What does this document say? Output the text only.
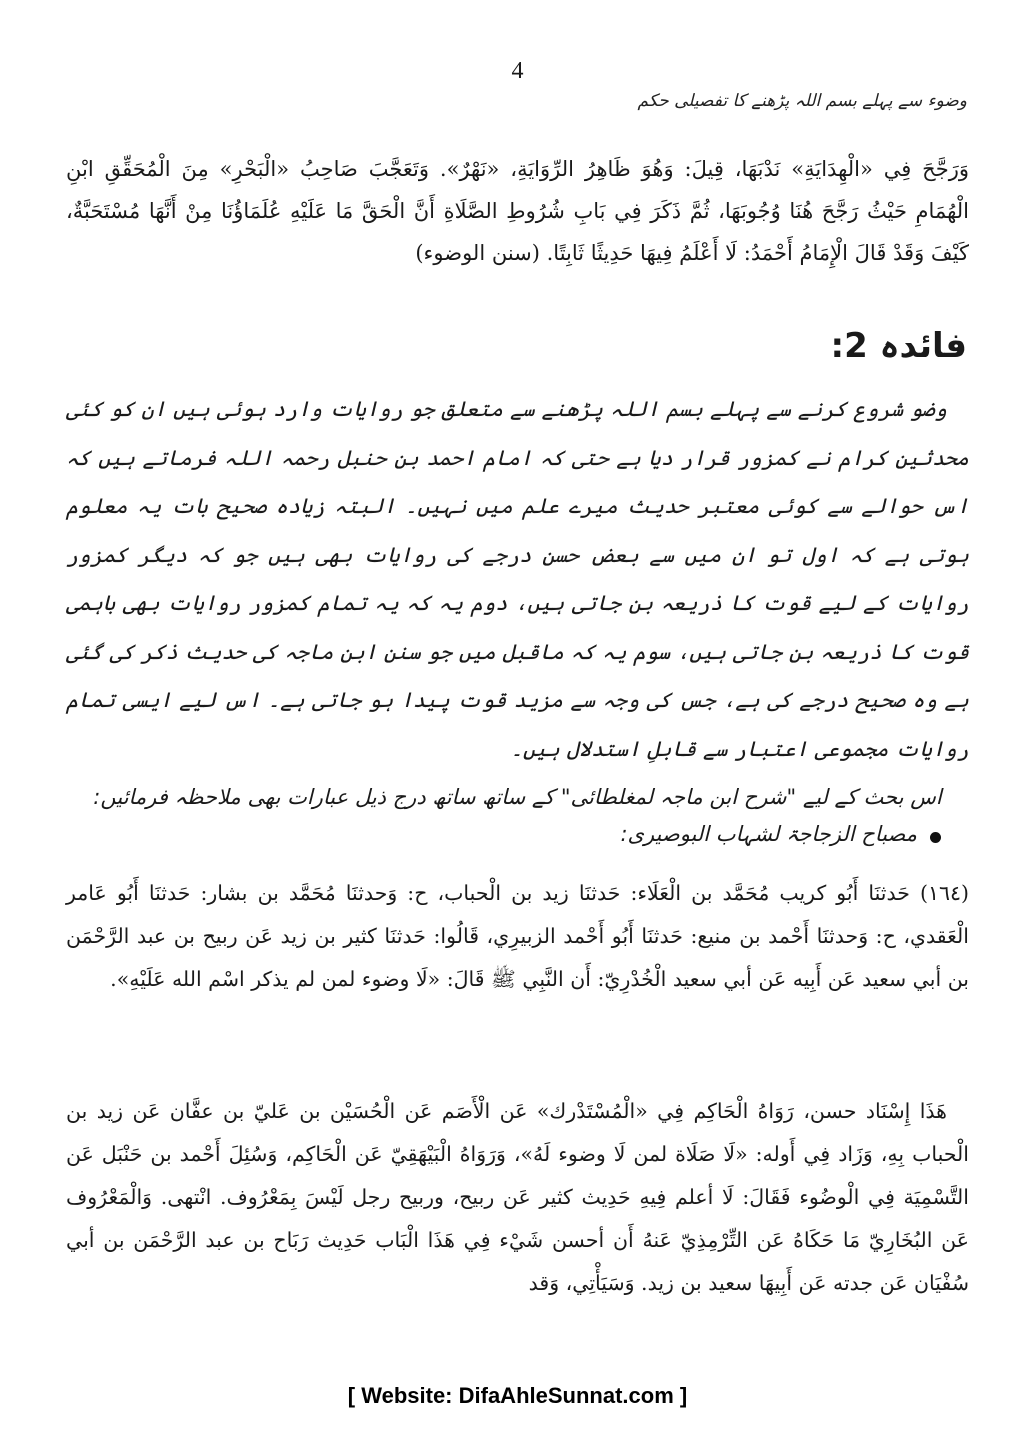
4
وضوء سے پہلے بسم اللہ پڑھنے کا تفصیلی حکم

وَرَجَّحَ فِي «الْهِدَايَةِ» نَدْبَهَا، قِيلَ: وَهُوَ ظَاهِرُ الرِّوَايَةِ، «نَهْرٌ». وَتَعَجَّبَ صَاحِبُ «الْبَحْرِ» مِنَ الْمُحَقِّقِ ابْنِ الْهُمَامِ حَيْثُ رَجَّحَ هُنَا وُجُوبَهَا، ثُمَّ ذَكَرَ فِي بَابِ شُرُوطِ الصَّلَاةِ أَنَّ الْحَقَّ مَا عَلَيْهِ عُلَمَاؤُنَا مِنْ أَنَّهَا مُسْتَحَبَّةٌ، كَيْفَ وَقَدْ قَالَ الْإِمَامُ أَحْمَدُ: لَا أَعْلَمُ فِيهَا حَدِيثًا ثَابِتًا. (سنن الوضوء)

فائدہ 2:

وضو شروع کرنے سے پہلے بسم اللہ پڑھنے سے متعلق جو روایات وارد ہوئی ہیں ان کو کئی محدثین کرام نے کمزور قرار دیا ہے حتی کہ امام احمد بن حنبل رحمہ اللہ فرماتے ہیں کہ اس حوالے سے کوئی معتبر حدیث میرے علم میں نہیں۔ البتہ زیادہ صحیح بات یہ معلوم ہوتی ہے کہ اول تو ان میں سے بعض حسن درجے کی روایات بھی ہیں جو کہ دیگر کمزور روایات کے لیے قوت کا ذریعہ بن جاتی ہیں، دوم یہ کہ یہ تمام کمزور روایات بھی باہمی قوت کا ذریعہ بن جاتی ہیں، سوم یہ کہ ماقبل میں جو سنن ابن ماجہ کی حدیث ذکر کی گئی ہے وہ صحیح درجے کی ہے، جس کی وجہ سے مزید قوت پیدا ہو جاتی ہے۔ اس لیے ایسی تمام روایات مجموعی اعتبار سے قابلِ استدلال ہیں۔

اس بحث کے لیے "شرح ابن ماجہ لمغلطائی" کے ساتھ ساتھ درج ذیل عبارات بھی ملاحظہ فرمائیں:

مصباح الزجاجۃ لشہاب البوصیری:

(١٦٤) حَدثنَا أَبُو كريب مُحَمَّد بن الْعَلَاء: حَدثنَا زيد بن الْحباب، ح: وَحدثنَا مُحَمَّد بن بشار: حَدثنَا أَبُو عَامر الْعَقدي، ح: وَحدثنَا أَحْمد بن منيع: حَدثنَا أَبُو أَحْمد الزبيرِي، قَالُوا: حَدثنَا كثير بن زيد عَن ربيح بن عبد الرَّحْمَن بن أبي سعيد عَن أَبِيه عَن أبي سعيد الْخُدْرِيّ: أَن النَّبِي ﷺ قَالَ: «لَا وضوء لمن لم يذكر اسْم الله عَلَيْهِ».

هَذَا إِسْنَاد حسن، رَوَاهُ الْحَاكِم فِي «الْمُسْتَدْرك» عَن الْأَصَم عَن الْحُسَيْن بن عَليّ بن عفَّان عَن زيد بن الْحباب بِهِ، وَزَاد فِي أَوله: «لَا صَلَاة لمن لَا وضوء لَهُ»، وَرَوَاهُ الْبَيْهَقِيّ عَن الْحَاكِم، وَسُئِلَ أَحْمد بن حَنْبَل عَن التَّسْمِيَة فِي الْوضُوء فَقَالَ: لَا أعلم فِيهِ حَدِيث كثير عَن ربيح، وربيح رجل لَيْسَ بِمَعْرُوف. انْتهى. وَالْمَعْرُوف عَن البُخَارِيّ مَا حَكَاهُ عَن التِّرْمِذِيّ عَنهُ أَن أحسن شَيْء فِي هَذَا الْبَاب حَدِيث رَبَاح بن عبد الرَّحْمَن بن أبي سُفْيَان عَن جدته عَن أَبِيهَا سعيد بن زيد. وَسَيَأْتِي، وَقد

[ Website: DifaAhleSunnat.com ]
